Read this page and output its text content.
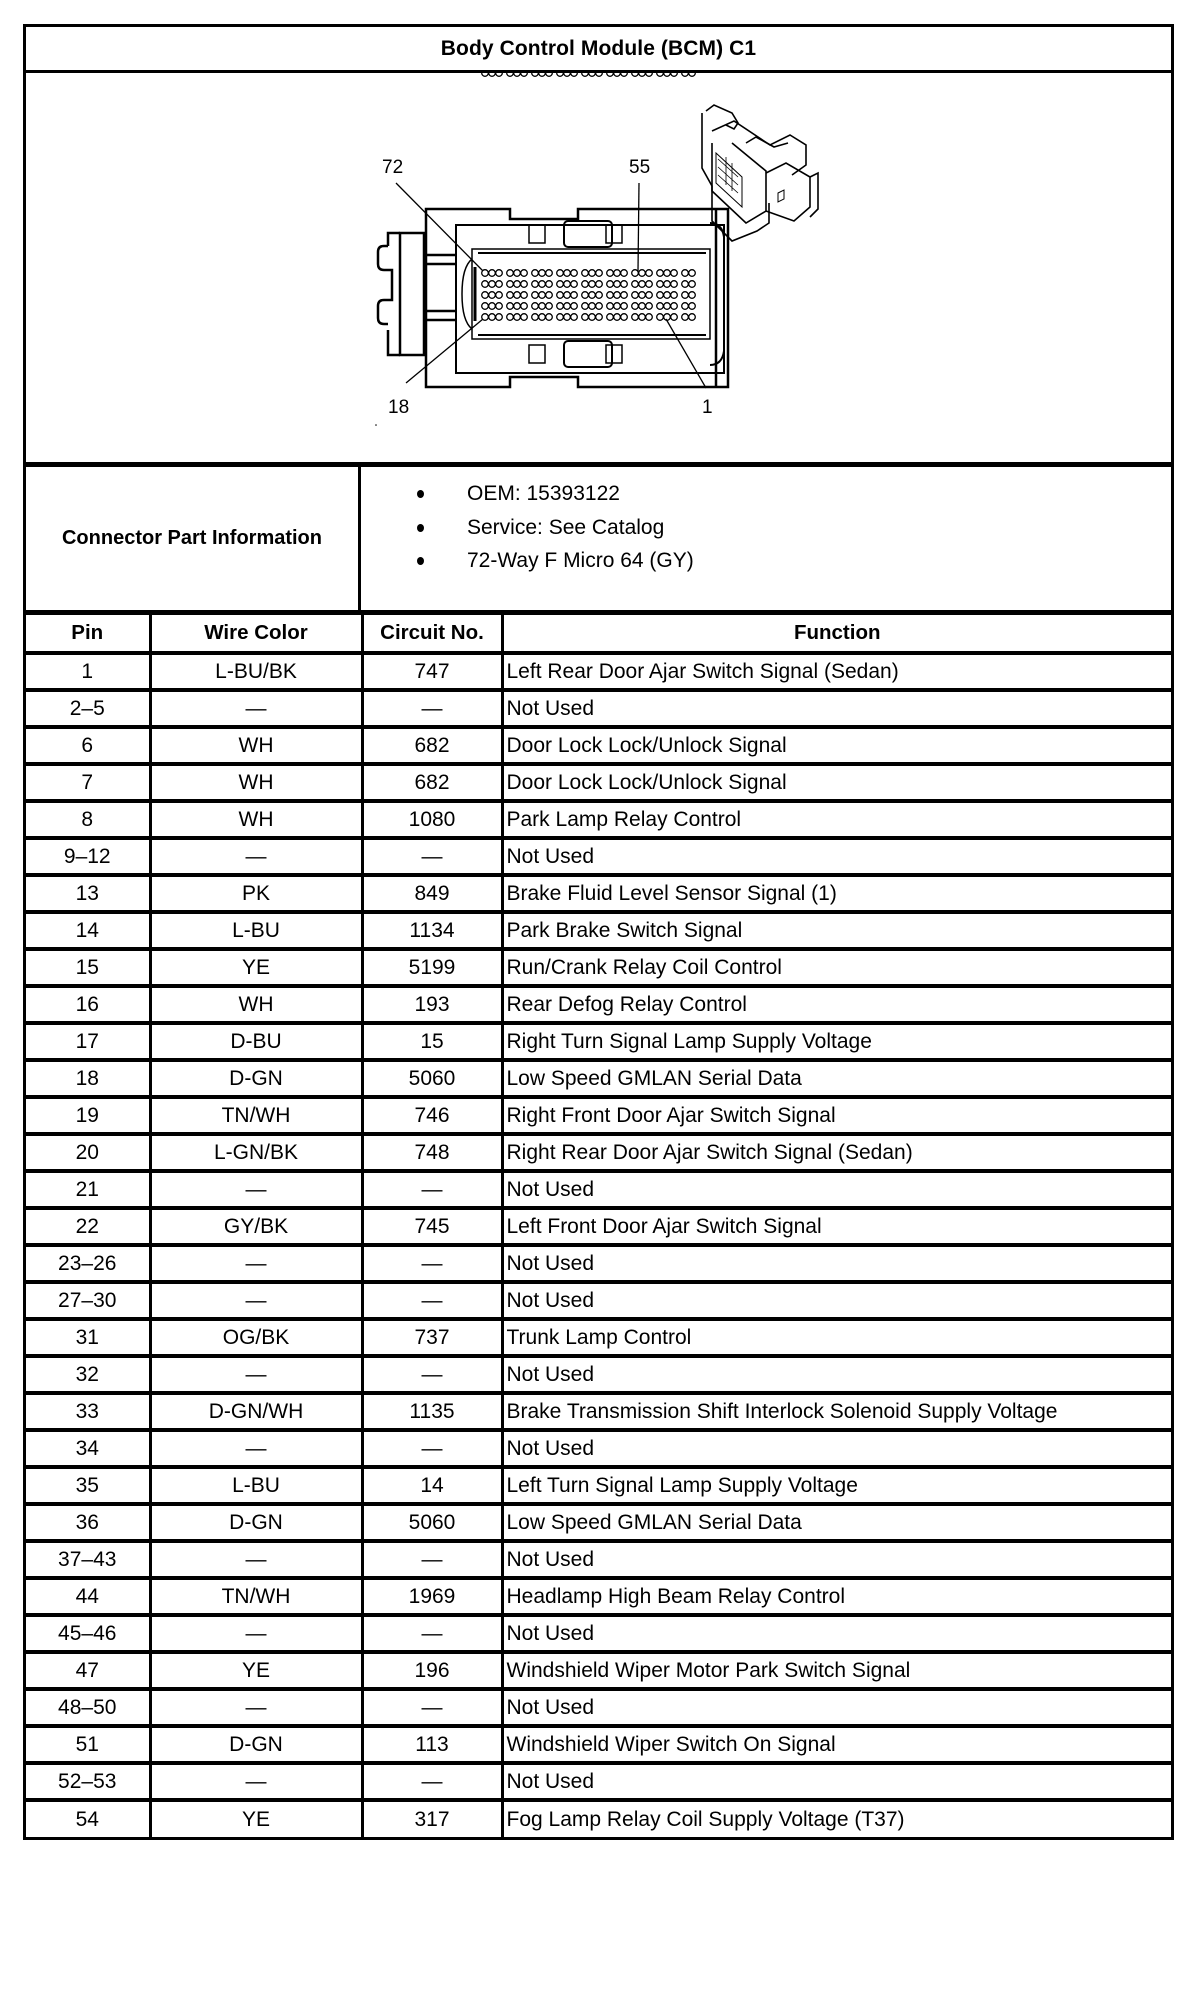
Body Control Module (BCM) C1
72	55
18	1
Connector Part Information
OEM: 15393122
Service: See Catalog
72-Way F Micro 64 (GY)
Pin	Wire Color	Circuit No.	Function
1	L-BU/BK	747	Left Rear Door Ajar Switch Signal (Sedan)
2–5	—	—	Not Used
6	WH	682	Door Lock Lock/Unlock Signal
7	WH	682	Door Lock Lock/Unlock Signal
8	WH	1080	Park Lamp Relay Control
9–12	—	—	Not Used
13	PK	849	Brake Fluid Level Sensor Signal (1)
14	L-BU	1134	Park Brake Switch Signal
15	YE	5199	Run/Crank Relay Coil Control
16	WH	193	Rear Defog Relay Control
17	D-BU	15	Right Turn Signal Lamp Supply Voltage
18	D-GN	5060	Low Speed GMLAN Serial Data
19	TN/WH	746	Right Front Door Ajar Switch Signal
20	L-GN/BK	748	Right Rear Door Ajar Switch Signal (Sedan)
21	—	—	Not Used
22	GY/BK	745	Left Front Door Ajar Switch Signal
23–26	—	—	Not Used
27–30	—	—	Not Used
31	OG/BK	737	Trunk Lamp Control
32	—	—	Not Used
33	D-GN/WH	1135	Brake Transmission Shift Interlock Solenoid Supply Voltage
34	—	—	Not Used
35	L-BU	14	Left Turn Signal Lamp Supply Voltage
36	D-GN	5060	Low Speed GMLAN Serial Data
37–43	—	—	Not Used
44	TN/WH	1969	Headlamp High Beam Relay Control
45–46	—	—	Not Used
47	YE	196	Windshield Wiper Motor Park Switch Signal
48–50	—	—	Not Used
51	D-GN	113	Windshield Wiper Switch On Signal
52–53	—	—	Not Used
54	YE	317	Fog Lamp Relay Coil Supply Voltage (T37)
